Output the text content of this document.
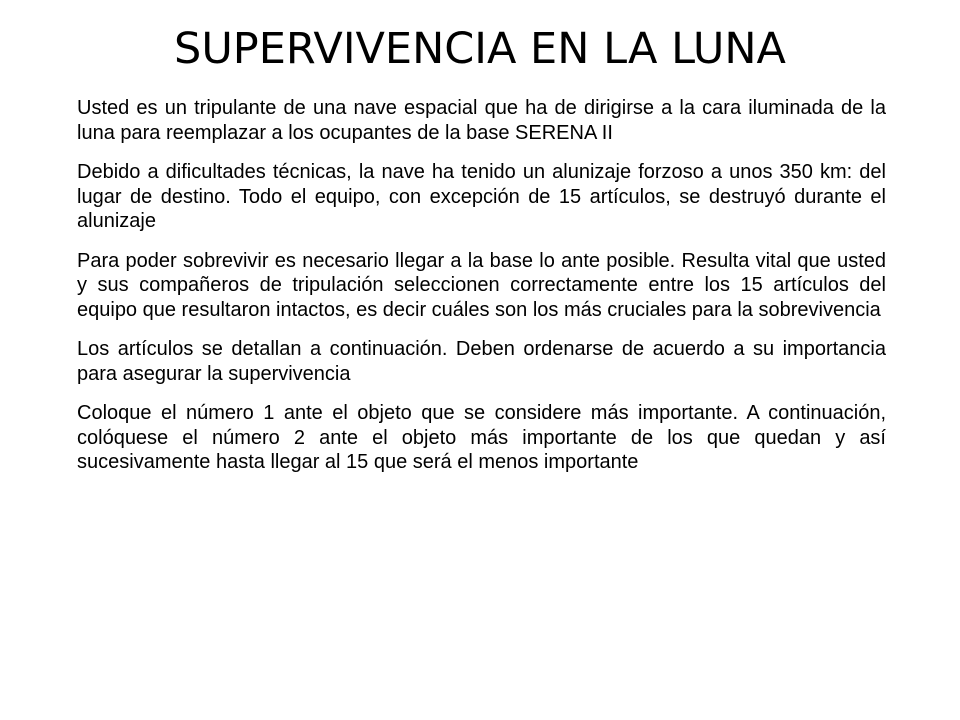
SUPERVIVENCIA EN LA LUNA

Usted es un tripulante de una nave espacial que ha de dirigirse a la cara iluminada de la luna para reemplazar a los ocupantes de la base SERENA II

Debido a dificultades técnicas, la nave ha tenido un alunizaje forzoso a unos 350 km: del lugar de destino. Todo el equipo, con excepción de 15 artículos, se destruyó durante el alunizaje

Para poder sobrevivir es necesario llegar a la base lo ante posible. Resulta vital que usted y sus compañeros de tripulación seleccionen correctamente entre los 15 artículos del equipo que resultaron intactos, es decir cuáles son los más cruciales para la sobrevivencia

Los artículos se detallan a continuación. Deben ordenarse de acuerdo a su importancia para asegurar la supervivencia

Coloque el número 1 ante el objeto que se considere más importante. A continuación, colóquese el número 2 ante el objeto más importante de los que quedan y así sucesivamente hasta llegar al 15 que será el menos importante
